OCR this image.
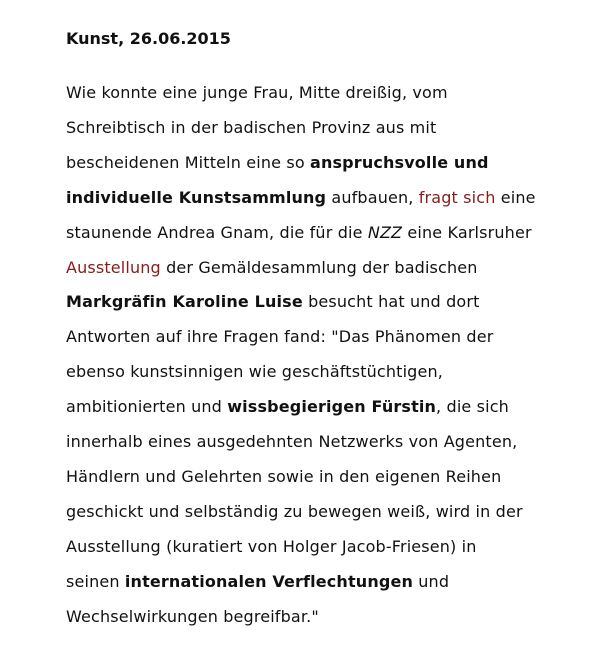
Kunst, 26.06.2015

Wie konnte eine junge Frau, Mitte dreißig, vom
Schreibtisch in der badischen Provinz aus mit
bescheidenen Mitteln eine so anspruchsvolle und
individuelle Kunstsammlung aufbauen, fragt sich eine
staunende Andrea Gnam, die für die NZZ eine Karlsruher
Ausstellung der Gemäldesammlung der badischen
Markgräfin Karoline Luise besucht hat und dort
Antworten auf ihre Fragen fand: "Das Phänomen der
ebenso kunstsinnigen wie geschäftstüchtigen,
ambitionierten und wissbegierigen Fürstin, die sich
innerhalb eines ausgedehnten Netzwerks von Agenten,
Händlern und Gelehrten sowie in den eigenen Reihen
geschickt und selbständig zu bewegen weiß, wird in der
Ausstellung (kuratiert von Holger Jacob-Friesen) in
seinen internationalen Verflechtungen und
Wechselwirkungen begreifbar."
